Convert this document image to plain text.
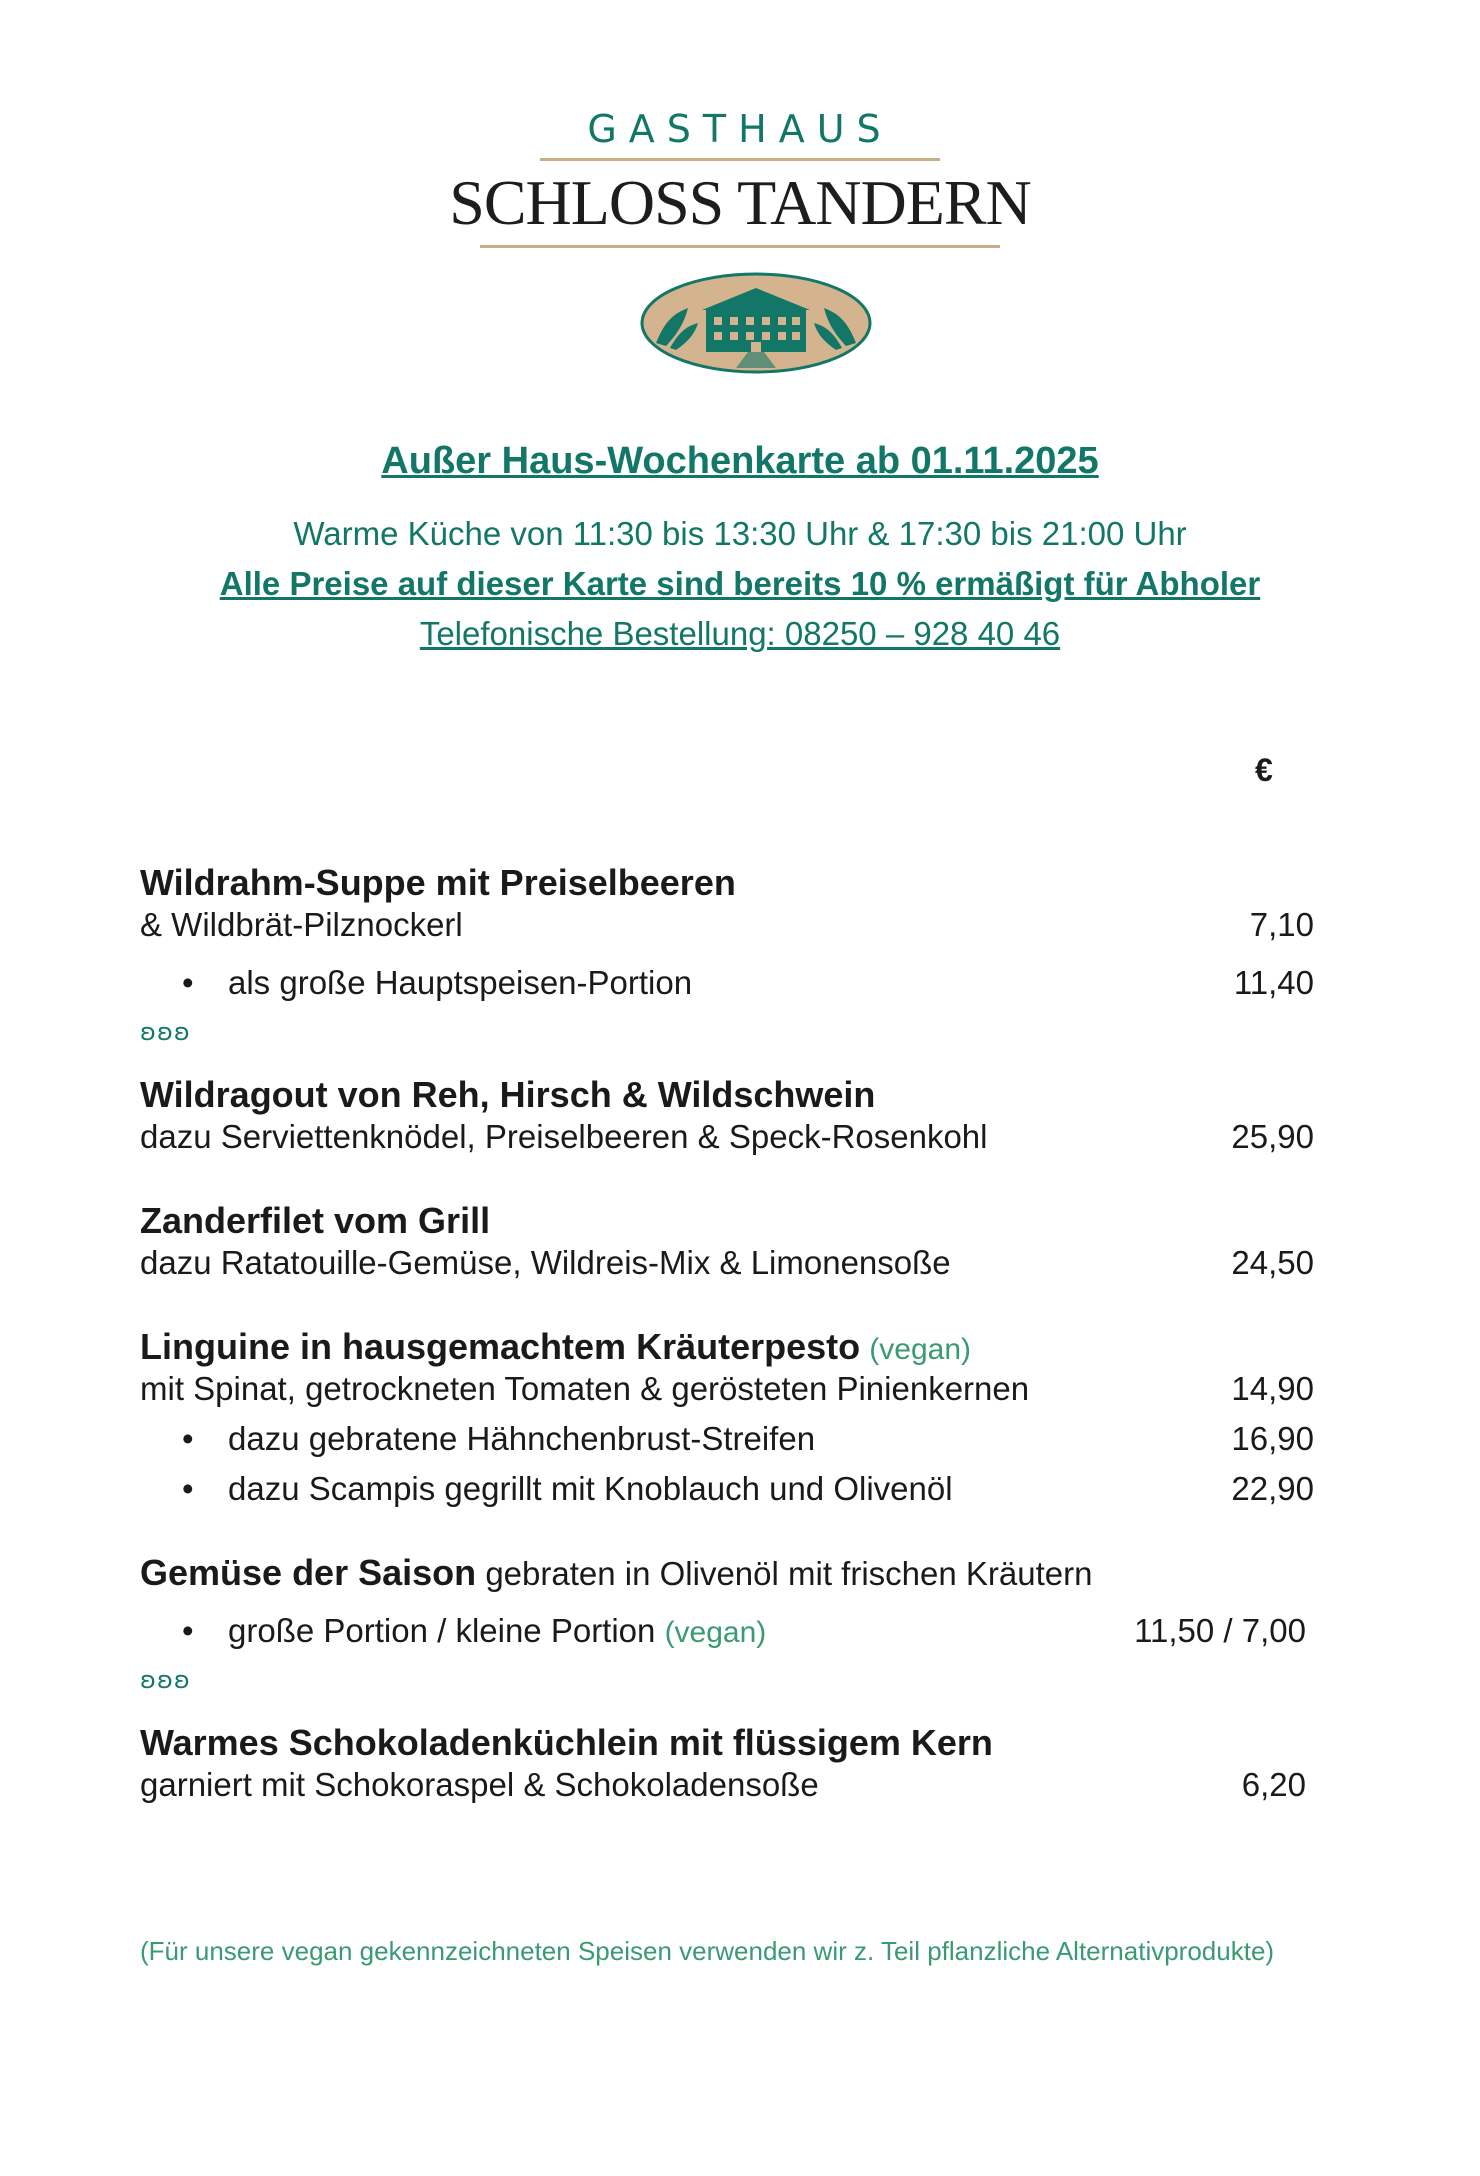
GASTHAUS
SCHLOSS TANDERN
Außer Haus-Wochenkarte ab 01.11.2025
Warme Küche von 11:30 bis 13:30 Uhr & 17:30 bis 21:00 Uhr
Alle Preise auf dieser Karte sind bereits 10 % ermäßigt für Abholer
Telefonische Bestellung: 08250 – 928 40 46
€
Wildrahm-Suppe mit Preiselbeeren
& Wildbrät-Pilznockerl	7,10
• als große Hauptspeisen-Portion	11,40
ʚʚʚ
Wildragout von Reh, Hirsch & Wildschwein
dazu Serviettenknödel, Preiselbeeren & Speck-Rosenkohl	25,90
Zanderfilet vom Grill
dazu Ratatouille-Gemüse, Wildreis-Mix & Limonensoße	24,50
Linguine in hausgemachtem Kräuterpesto (vegan)
mit Spinat, getrockneten Tomaten & gerösteten Pinienkernen	14,90
• dazu gebratene Hähnchenbrust-Streifen	16,90
• dazu Scampis gegrillt mit Knoblauch und Olivenöl	22,90
Gemüse der Saison gebraten in Olivenöl mit frischen Kräutern
• große Portion / kleine Portion (vegan)	11,50 / 7,00
ʚʚʚ
Warmes Schokoladenküchlein mit flüssigem Kern
garniert mit Schokoraspel & Schokoladensoße	6,20
(Für unsere vegan gekennzeichneten Speisen verwenden wir z. Teil pflanzliche Alternativprodukte)
